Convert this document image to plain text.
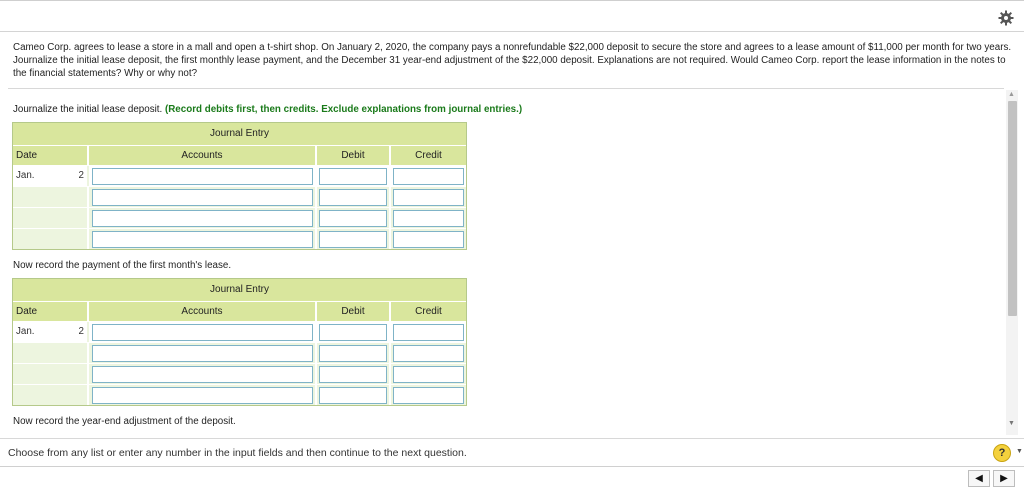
Cameo Corp. agrees to lease a store in a mall and open a t-shirt shop. On January 2, 2020, the company pays a nonrefundable $22,000 deposit to secure the store and agrees to a lease amount of $11,000 per month for two years. Journalize the initial lease deposit, the first monthly lease payment, and the December 31 year-end adjustment of the $22,000 deposit. Explanations are not required. Would Cameo Corp. report the lease information in the notes to the financial statements? Why or why not?
Journalize the initial lease deposit. (Record debits first, then credits. Exclude explanations from journal entries.)
Journal Entry
Date	Accounts	Debit	Credit
Jan.	2
Now record the payment of the first month's lease.
Journal Entry
Date	Accounts	Debit	Credit
Jan.	2
Now record the year-end adjustment of the deposit.
▲
▼
Choose from any list or enter any number in the input fields and then continue to the next question.	?	▼
◀	▶
